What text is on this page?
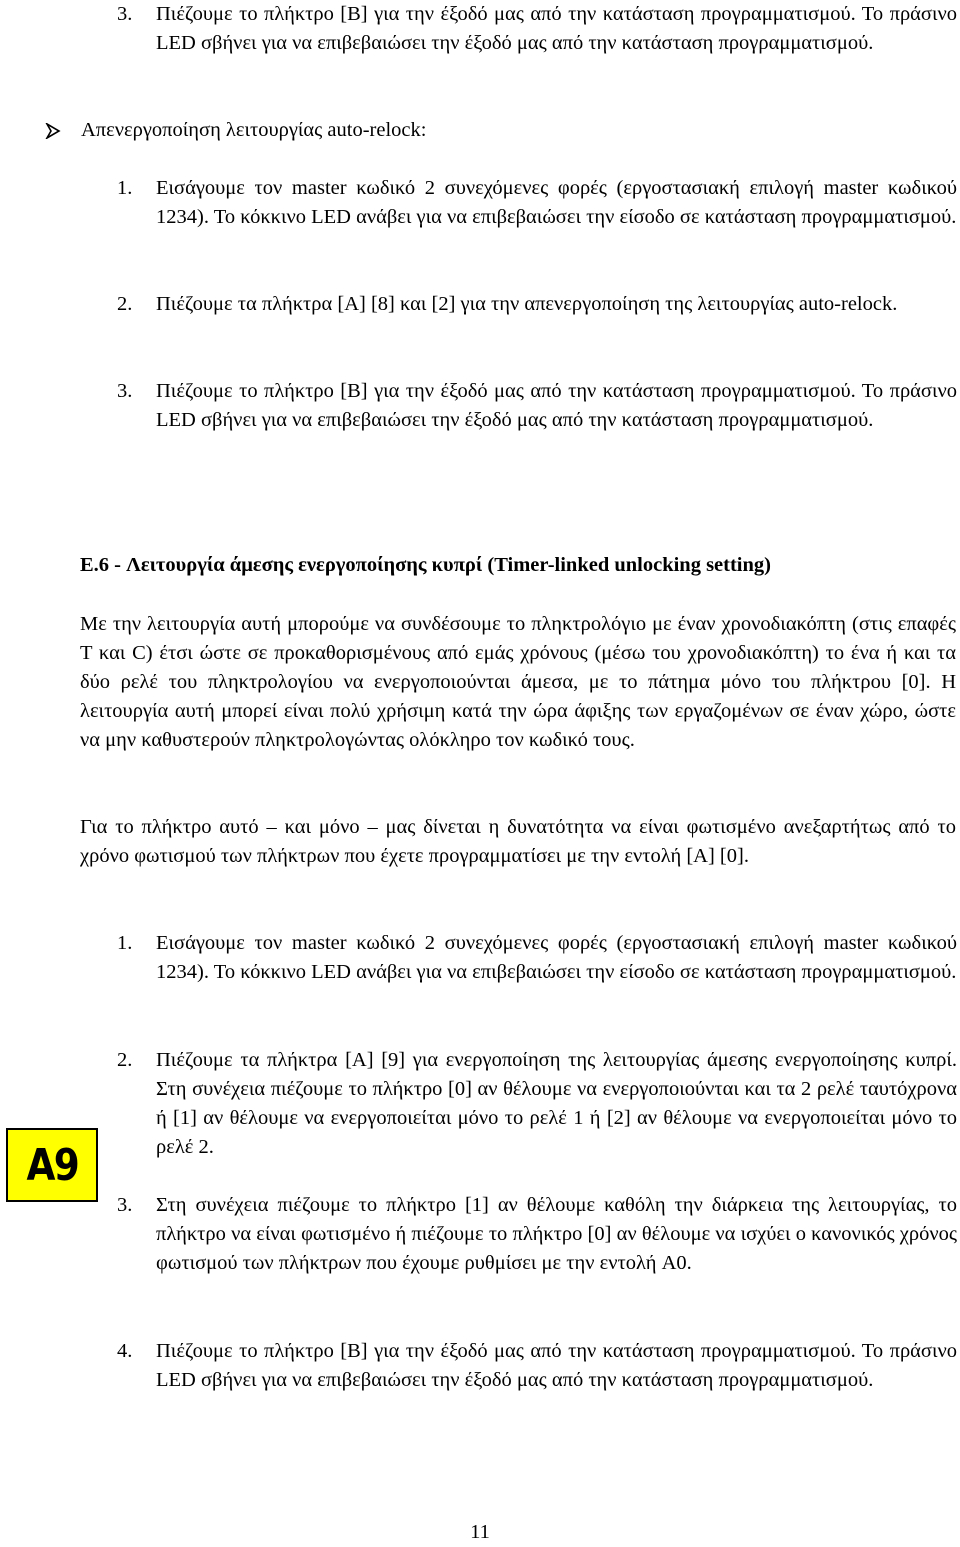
3.	Πιέζουμε το πλήκτρο [B] για την έξοδό μας από την κατάσταση προγραμματισμού. Το πράσινο LED σβήνει για να επιβεβαιώσει την έξοδό μας από την κατάσταση προγραμματισμού.
Απενεργοποίηση λειτουργίας auto-relock:
1.	Εισάγουμε τον master κωδικό 2 συνεχόμενες φορές (εργοστασιακή επιλογή master κωδικού 1234). Το κόκκινο LED ανάβει για να επιβεβαιώσει την είσοδο σε κατάσταση προγραμματισμού.
2.	Πιέζουμε τα πλήκτρα [A] [8] και [2] για την απενεργοποίηση της λειτουργίας auto-relock.
3.	Πιέζουμε το πλήκτρο [B] για την έξοδό μας από την κατάσταση προγραμματισμού. Το πράσινο LED σβήνει για να επιβεβαιώσει την έξοδό μας από την κατάσταση προγραμματισμού.
E.6 - Λειτουργία άμεσης ενεργοποίησης κυπρί (Timer-linked unlocking setting)
Με την λειτουργία αυτή μπορούμε να συνδέσουμε το πληκτρολόγιο με έναν χρονοδιακόπτη (στις επαφές T και C) έτσι ώστε σε προκαθορισμένους από εμάς χρόνους (μέσω του χρονοδιακόπτη) το ένα ή και τα δύο ρελέ του πληκτρολογίου να ενεργοποιούνται άμεσα, με το πάτημα μόνο του πλήκτρου [0]. Η λειτουργία αυτή μπορεί είναι πολύ χρήσιμη κατά την ώρα άφιξης των εργαζομένων σε έναν χώρο, ώστε να μην καθυστερούν πληκτρολογώντας ολόκληρο τον κωδικό τους.
Για το πλήκτρο αυτό – και μόνο – μας δίνεται η δυνατότητα να είναι φωτισμένο ανεξαρτήτως από το χρόνο φωτισμού των πλήκτρων που έχετε προγραμματίσει με την εντολή [A] [0].
1.	Εισάγουμε τον master κωδικό 2 συνεχόμενες φορές (εργοστασιακή επιλογή master κωδικού 1234). Το κόκκινο LED ανάβει για να επιβεβαιώσει την είσοδο σε κατάσταση προγραμματισμού.
2.	Πιέζουμε τα πλήκτρα [A] [9] για ενεργοποίηση της λειτουργίας άμεσης ενεργοποίησης κυπρί. Στη συνέχεια πιέζουμε το πλήκτρο [0] αν θέλουμε να ενεργοποιούνται και τα 2 ρελέ ταυτόχρονα ή [1] αν θέλουμε να ενεργοποιείται μόνο το ρελέ 1 ή [2] αν θέλουμε να ενεργοποιείται μόνο το ρελέ 2.
3.	Στη συνέχεια πιέζουμε το πλήκτρο [1] αν θέλουμε καθόλη την διάρκεια της λειτουργίας, το πλήκτρο να είναι φωτισμένο ή πιέζουμε το πλήκτρο [0] αν θέλουμε να ισχύει ο κανονικός χρόνος φωτισμού των πλήκτρων που έχουμε ρυθμίσει με την εντολή A0.
4.	Πιέζουμε το πλήκτρο [B] για την έξοδό μας από την κατάσταση προγραμματισμού. Το πράσινο LED σβήνει για να επιβεβαιώσει την έξοδό μας από την κατάσταση προγραμματισμού.
A9
11
